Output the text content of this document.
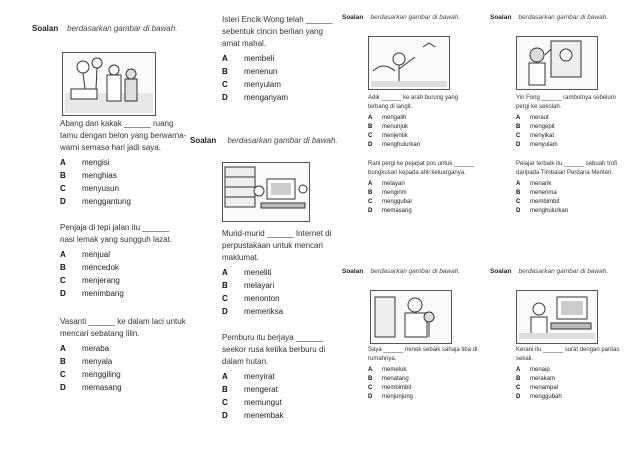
Soalan berdasarkan gambar di bawah.
Abang dan kakak ______ ruang tamu dengan belon yang berwarna-warni semasa hari jadi saya.
A	mengisi
B	menghias
C	menyusun
D	menggantung
Penjaja di tepi jalan itu ______ nasi lemak yang sungguh lazat.
A	menjual
B	mencedok
C	menjerang
D	menimbang
Vasanti ______ ke dalam laci untuk mencari sebatang lilin.
A	meraba
B	menyala
C	menggiling
D	memasang
Isteri Encik Wong telah ______ sebentuk cincin berlian yang amat mahal.
A	membeli
B	menenun
C	menyulam
D	menganyam
Soalan berdasarkan gambar di bawah.
Murid-murid ______ Internet di perpustakaan untuk mencari maklumat.
A	meneliti
B	melayari
C	menonton
D	memeriksa
Pemburu itu berjaya ______ seekor rusa ketika berburu di dalam hutan.
A	menyirat
B	mengerat
C	memungut
D	menembak
Soalan berdasarkan gambar di bawah.
Adik ______ ke arah burung yang terbang di langit.
A	mengalih
B	menunjuk
C	menjentik
D	menghulurkan
Rani pergi ke pejabat pos untuk ______ bungkusan kepada ahli keluarganya.
A	melayari
B	mengirim
C	menggubal
D	memasang
Soalan berdasarkan gambar di bawah.
Saya ______ nenek sebaik sahaja tiba di rumahnya.
A	memeluk
B	menatang
C	membimbit
D	menjunjung
Soalan berdasarkan gambar di bawah.
Yin Fong ______ rambutnya sebelum pergi ke sekolah.
A	meraut
B	mengepit
C	menyikat
D	menyulam
Pelajar terbaik itu ______ sebuah trofi daripada Timbalan Perdana Menteri.
A	menarik
B	menerima
C	membimbit
D	menghulurkan
Soalan berdasarkan gambar di bawah.
Kerani itu ______ surat dengan pantas sekali.
A	menaip
B	merakam
C	menampal
D	menggubah
